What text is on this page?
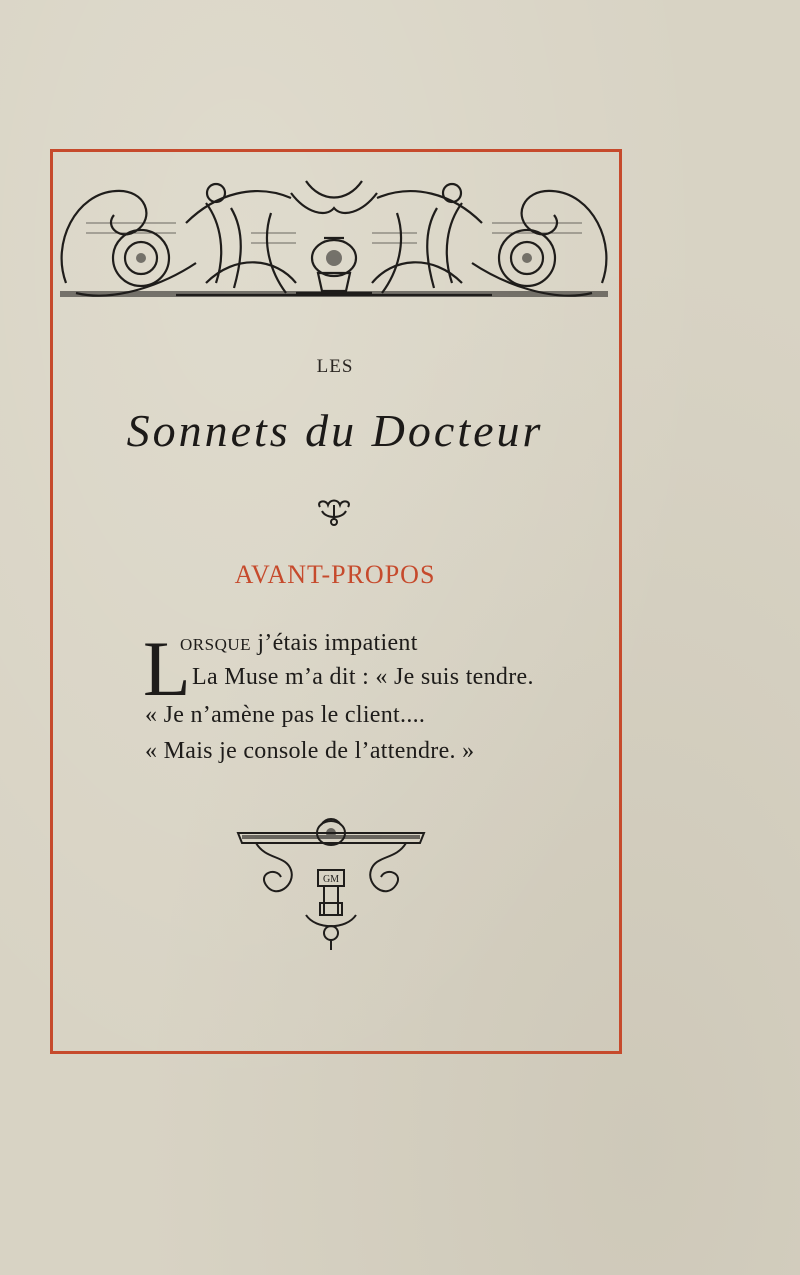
LES
Sonnets du Docteur
AVANT-PROPOS
L
ORSQUE j’étais impatient
La Muse m’a dit : « Je suis tendre.
« Je n’amène pas le client....
« Mais je console de l’attendre. »
GM
